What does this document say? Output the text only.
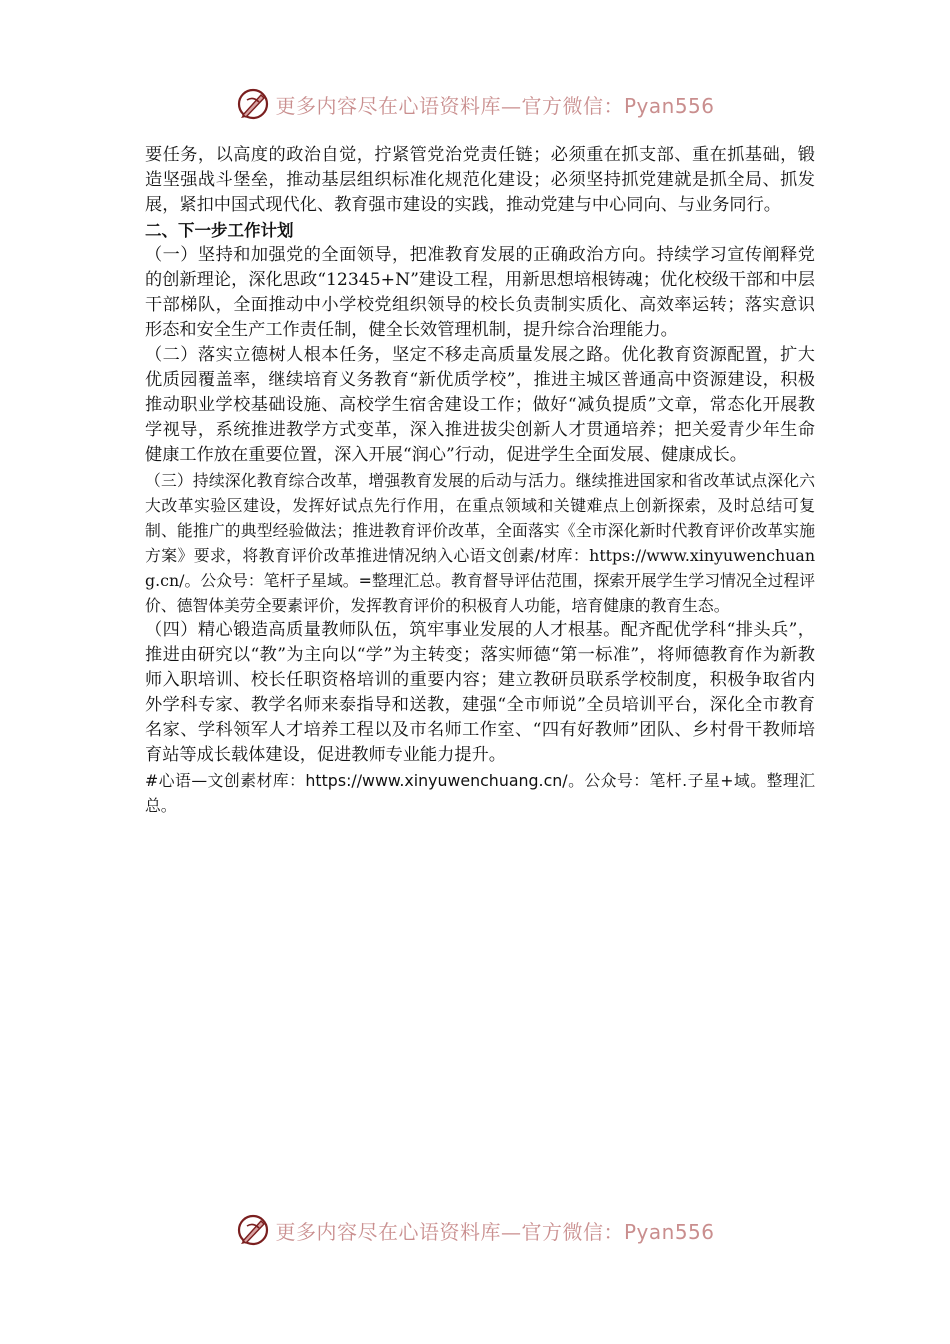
更多内容尽在心语资料库—官方微信：Pyan556

要任务，以高度的政治自觉，拧紧管党治党责任链；必须重在抓支部、重在抓基础，锻造坚强战斗堡垒，推动基层组织标准化规范化建设；必须坚持抓党建就是抓全局、抓发展，紧扣中国式现代化、教育强市建设的实践，推动党建与中心同向、与业务同行。

二、下一步工作计划

（一）坚持和加强党的全面领导，把准教育发展的正确政治方向。持续学习宣传阐释党的创新理论，深化思政“12345+N”建设工程，用新思想培根铸魂；优化校级干部和中层干部梯队，全面推动中小学校党组织领导的校长负责制实质化、高效率运转；落实意识形态和安全生产工作责任制，健全长效管理机制，提升综合治理能力。

（二）落实立德树人根本任务，坚定不移走高质量发展之路。优化教育资源配置，扩大优质园覆盖率，继续培育义务教育“新优质学校”，推进主城区普通高中资源建设，积极推动职业学校基础设施、高校学生宿舍建设工作；做好“减负提质”文章，常态化开展教学视导，系统推进教学方式变革，深入推进拔尖创新人才贯通培养；把关爱青少年生命健康工作放在重要位置，深入开展“润心”行动，促进学生全面发展、健康成长。

（三）持续深化教育综合改革，增强教育发展的后动与活力。继续推进国家和省改革试点深化六大改革实验区建设，发挥好试点先行作用，在重点领域和关键难点上创新探索，及时总结可复制、能推广的典型经验做法；推进教育评价改革，全面落实《全市深化新时代教育评价改革实施方案》要求，将教育评价改革推进情况纳入心语文创素/材库：https://www.xinyuwenchuang.cn/。公众号：笔杆子星域。=整理汇总。教育督导评估范围，探索开展学生学习情况全过程评价、德智体美劳全要素评价，发挥教育评价的积极育人功能，培育健康的教育生态。

（四）精心锻造高质量教师队伍，筑牢事业发展的人才根基。配齐配优学科“排头兵”，推进由研究以“教”为主向以“学”为主转变；落实师德“第一标准”，将师德教育作为新教师入职培训、校长任职资格培训的重要内容；建立教研员联系学校制度，积极争取省内外学科专家、教学名师来泰指导和送教，建强“全市师说”全员培训平台，深化全市教育名家、学科领军人才培养工程以及市名师工作室、“四有好教师”团队、乡村骨干教师培育站等成长载体建设，促进教师专业能力提升。

#心语—文创素材库：https://www.xinyuwenchuang.cn/。公众号：笔杆.子星+域。整理汇总。

更多内容尽在心语资料库—官方微信：Pyan556
